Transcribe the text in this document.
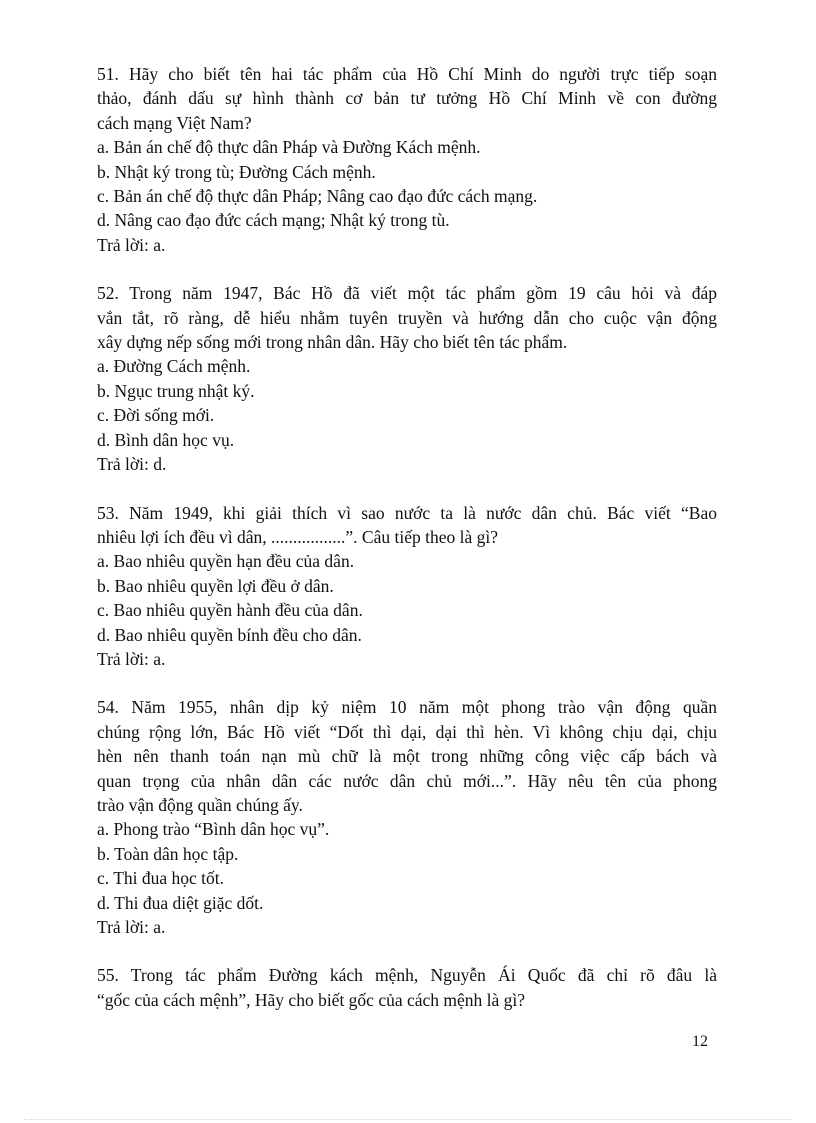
51. Hãy cho biết tên hai tác phẩm của Hồ Chí Minh do người trực tiếp soạn
thảo, đánh dấu sự hình thành cơ bản tư tưởng Hồ Chí Minh về con đường
cách mạng Việt Nam?
a. Bản án chế độ thực dân Pháp và Đường Kách mệnh.
b. Nhật ký trong tù; Đường Cách mệnh.
c. Bản án chế độ thực dân Pháp; Nâng cao đạo đức cách mạng.
d. Nâng cao đạo đức cách mạng; Nhật ký trong tù.
Trả lời: a.
52. Trong năm 1947, Bác Hồ đã viết một tác phẩm gồm 19 câu hỏi và đáp
vắn tắt, rõ ràng, dễ hiểu nhằm tuyên truyền và hướng dẫn cho cuộc vận động
xây dựng nếp sống mới trong nhân dân. Hãy cho biết tên tác phẩm.
a. Đường Cách mệnh.
b. Ngục trung nhật ký.
c. Đời sống mới.
d. Bình dân học vụ.
Trả lời: d.
53. Năm 1949, khi giải thích vì sao nước ta là nước dân chủ. Bác viết “Bao
nhiêu lợi ích đều vì dân, .................”. Câu tiếp theo là gì?
a. Bao nhiêu quyền hạn đều của dân.
b. Bao nhiêu quyền lợi đều ở dân.
c. Bao nhiêu quyền hành đều của dân.
d. Bao nhiêu quyền bính đều cho dân.
Trả lời: a.
54. Năm 1955, nhân dịp kỷ niệm 10 năm một phong trào vận động quần
chúng rộng lớn, Bác Hồ viết “Dốt thì dại, dại thì hèn. Vì không chịu dại, chịu
hèn nên thanh toán nạn mù chữ là một trong những công việc cấp bách và
quan trọng của nhân dân các nước dân chủ mới...”. Hãy nêu tên của phong
trào vận động quần chúng ấy.
a. Phong trào “Bình dân học vụ”.
b. Toàn dân học tập.
c. Thi đua học tốt.
d. Thi đua diệt giặc dốt.
Trả lời: a.
55. Trong tác phẩm Đường kách mệnh, Nguyễn Ái Quốc đã chỉ rõ đâu là
“gốc của cách mệnh”, Hãy cho biết gốc của cách mệnh là gì?
12
